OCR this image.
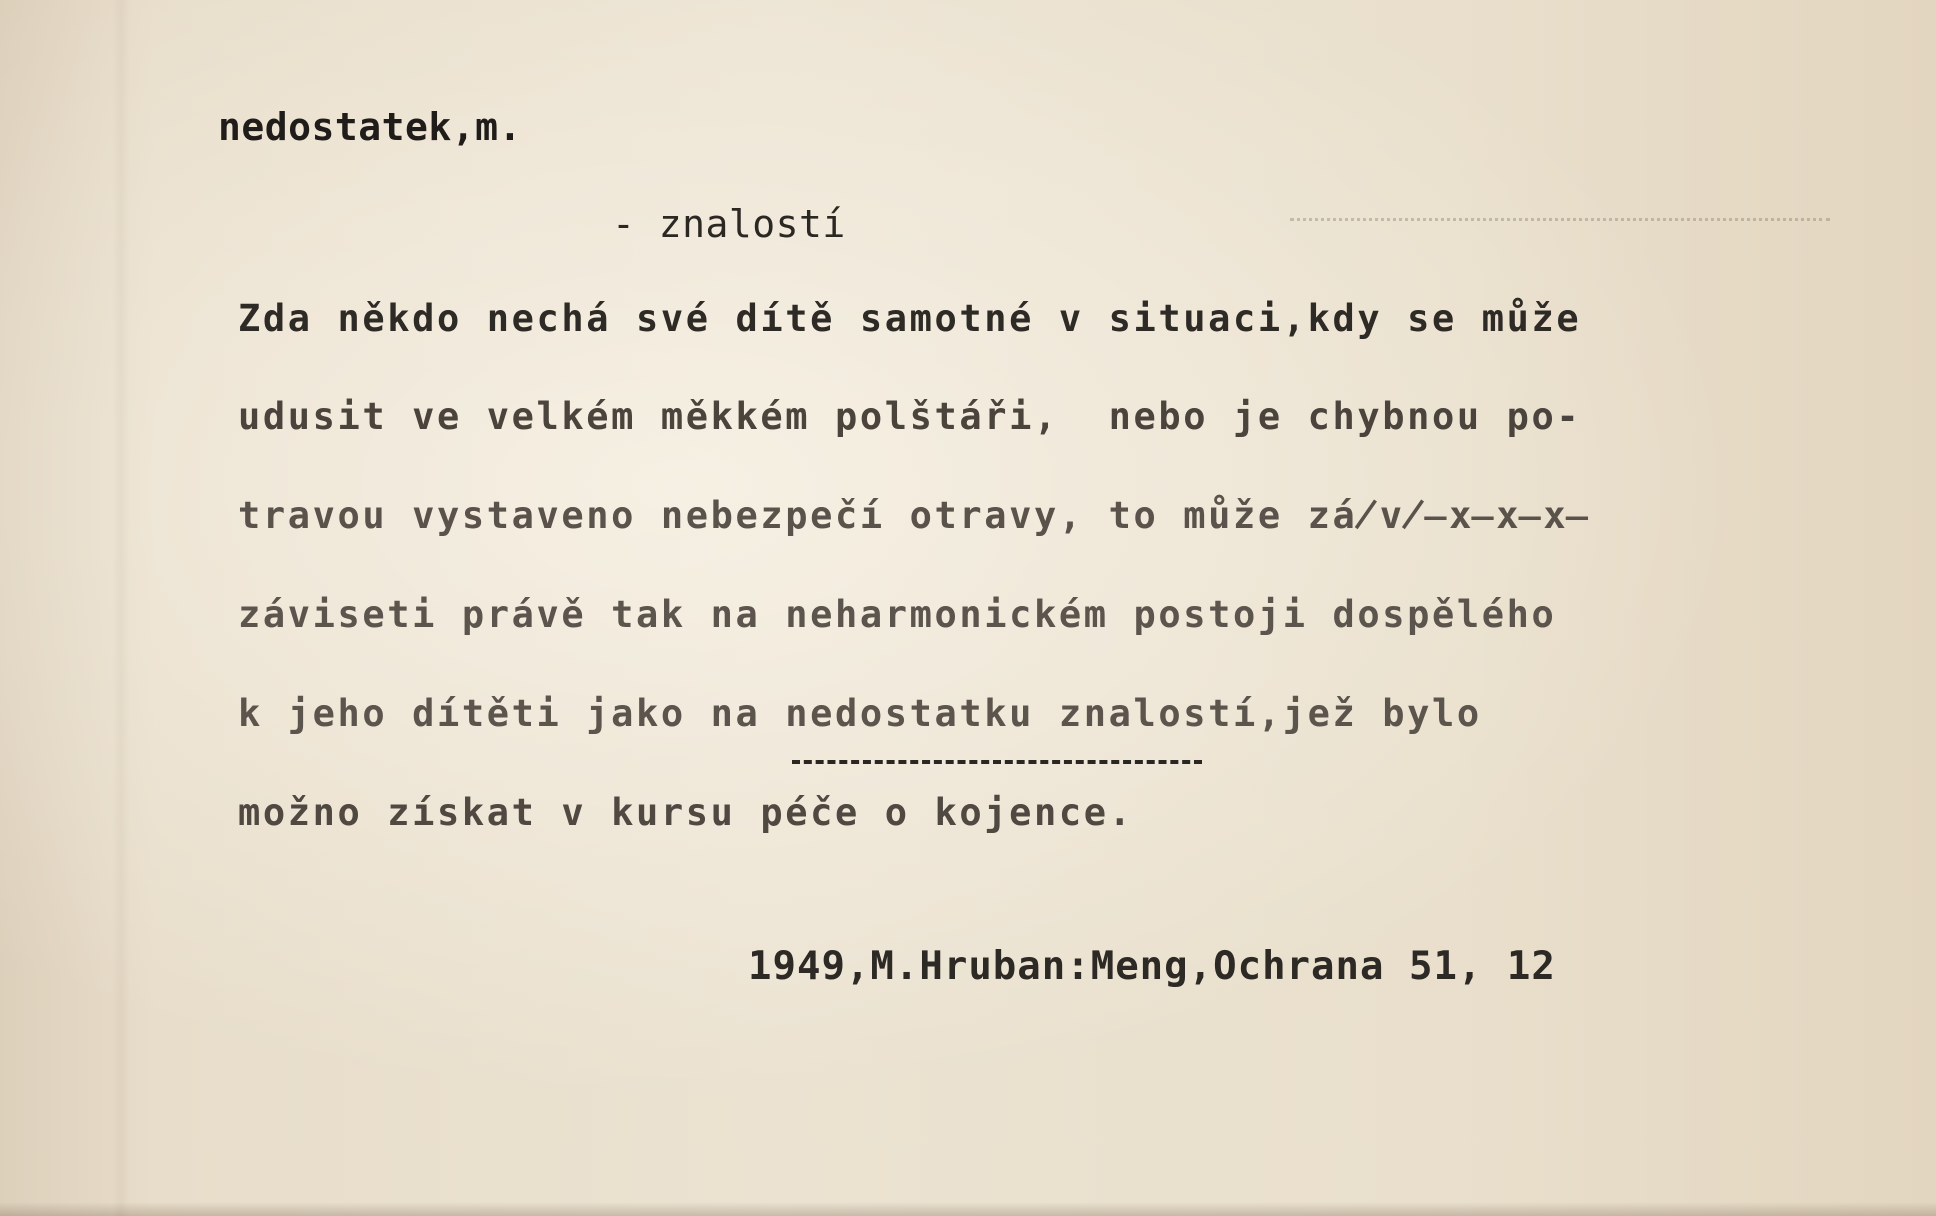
nedostatek,m.
- znalostí
Zda někdo nechá své dítě samotné v situaci,kdy se může
udusit ve velkém měkkém polštáři,  nebo je chybnou po-
travou vystaveno nebezpečí otravy, to může zá̸v̸̶x̶x̶x̶
záviseti právě tak na neharmonickém postoji dospělého
k jeho dítěti jako na nedostatku znalostí,jež bylo
možno získat v kursu péče o kojence.
1949,M.Hruban:Meng,Ochrana 51, 12
